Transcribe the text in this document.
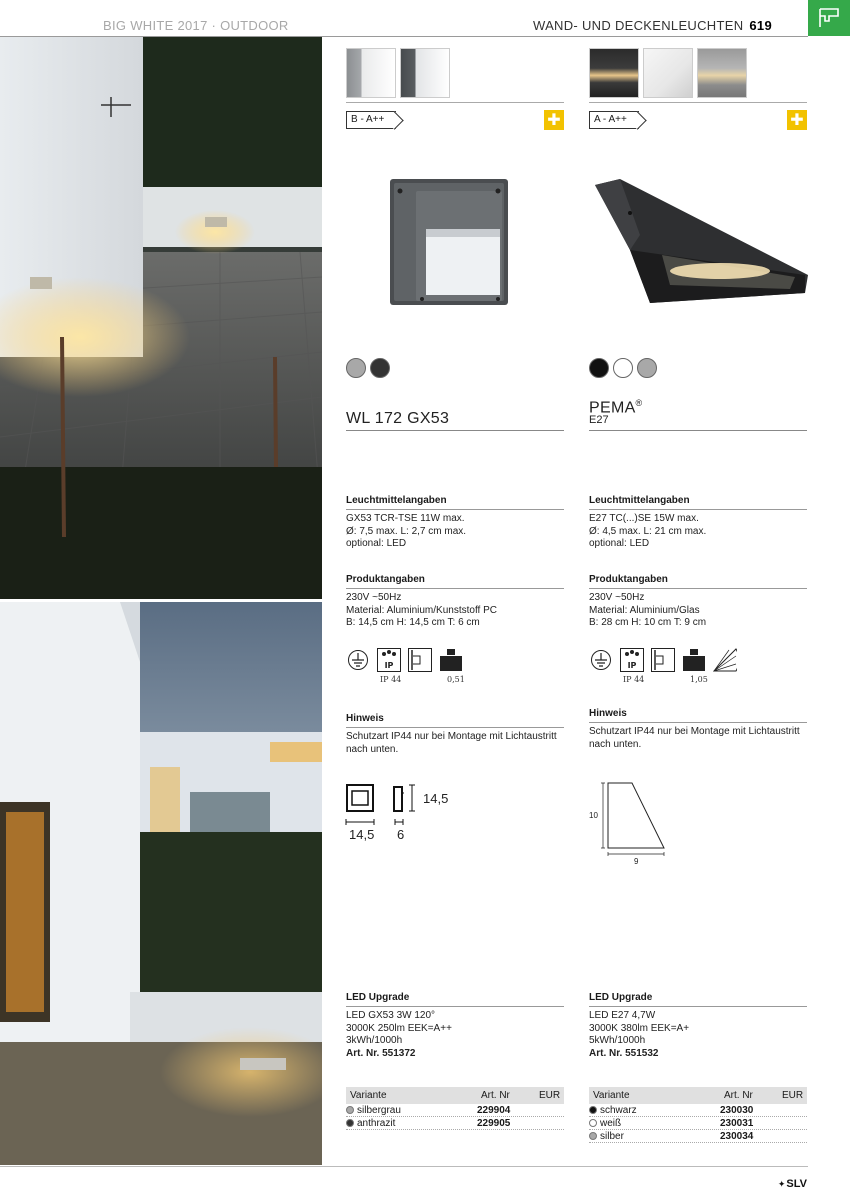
BIG WHITE 2017 · OUTDOOR	WAND- UND DECKENLEUCHTEN 619
B - A++	✚
WL 172 GX53
Leuchtmittelangaben
GX53 TCR-TSE 11W max.
Ø: 7,5 max. L: 2,7 cm max.
optional: LED
Produktangaben
230V ~50Hz
Material: Aluminium/Kunststoff PC
B: 14,5 cm H: 14,5 cm T: 6 cm
IP
IP 44	0,51
Hinweis
Schutzart IP44 nur bei Montage mit Lichtaustritt
nach unten.
14,5
14,5 6
LED Upgrade
LED GX53 3W 120°
3000K 250lm EEK=A++
3kWh/1000h
Art. Nr. 551372
Variante	Art. Nr	EUR
silbergrau	229904
anthrazit	229905
A - A++	✚
PEMA®
E27
Leuchtmittelangaben
E27 TC(...)SE 15W max.
Ø: 4,5 max. L: 21 cm max.
optional: LED
Produktangaben
230V ~50Hz
Material: Aluminium/Glas
B: 28 cm H: 10 cm T: 9 cm
IP
IP 44	1,05
Hinweis
Schutzart IP44 nur bei Montage mit Lichtaustritt
nach unten.
10
9
LED Upgrade
LED E27 4,7W
3000K 380lm EEK=A+
5kWh/1000h
Art. Nr. 551532
Variante	Art. Nr	EUR
schwarz	230030
weiß	230031
silber	230034
✦SLV
